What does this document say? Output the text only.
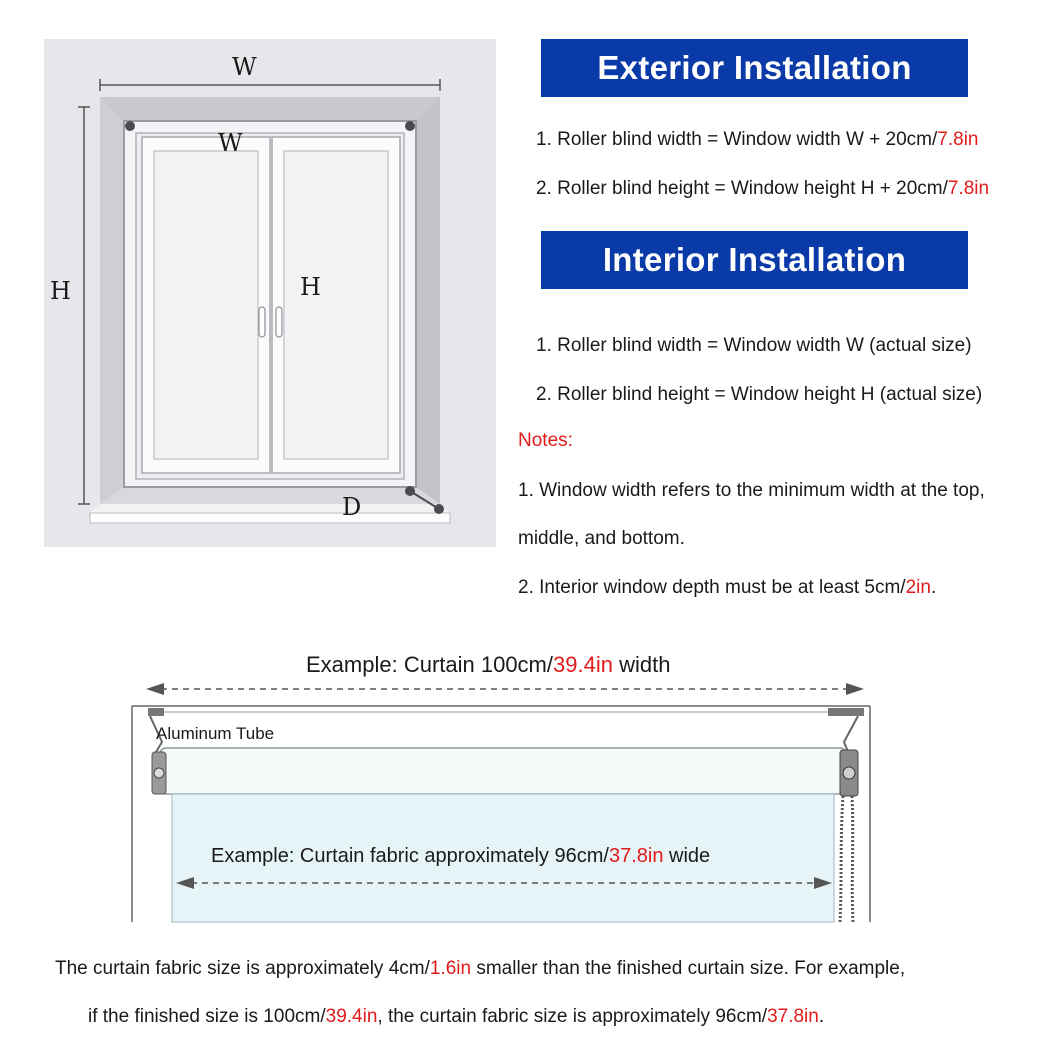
W
W
H	H
D
Exterior Installation
1. Roller blind width = Window width W + 20cm/7.8in
2. Roller blind height = Window height H + 20cm/7.8in
Interior Installation
1. Roller blind width = Window width W (actual size)
2. Roller blind height = Window height H (actual size)
Notes:
1. Window width refers to the minimum width at the top,
middle, and bottom.
2. Interior window depth must be at least 5cm/2in.
Example: Curtain 100cm/39.4in width
Aluminum Tube
Example: Curtain fabric approximately 96cm/37.8in wide
The curtain fabric size is approximately 4cm/1.6in smaller than the finished curtain size. For example,
if the finished size is 100cm/39.4in, the curtain fabric size is approximately 96cm/37.8in.
